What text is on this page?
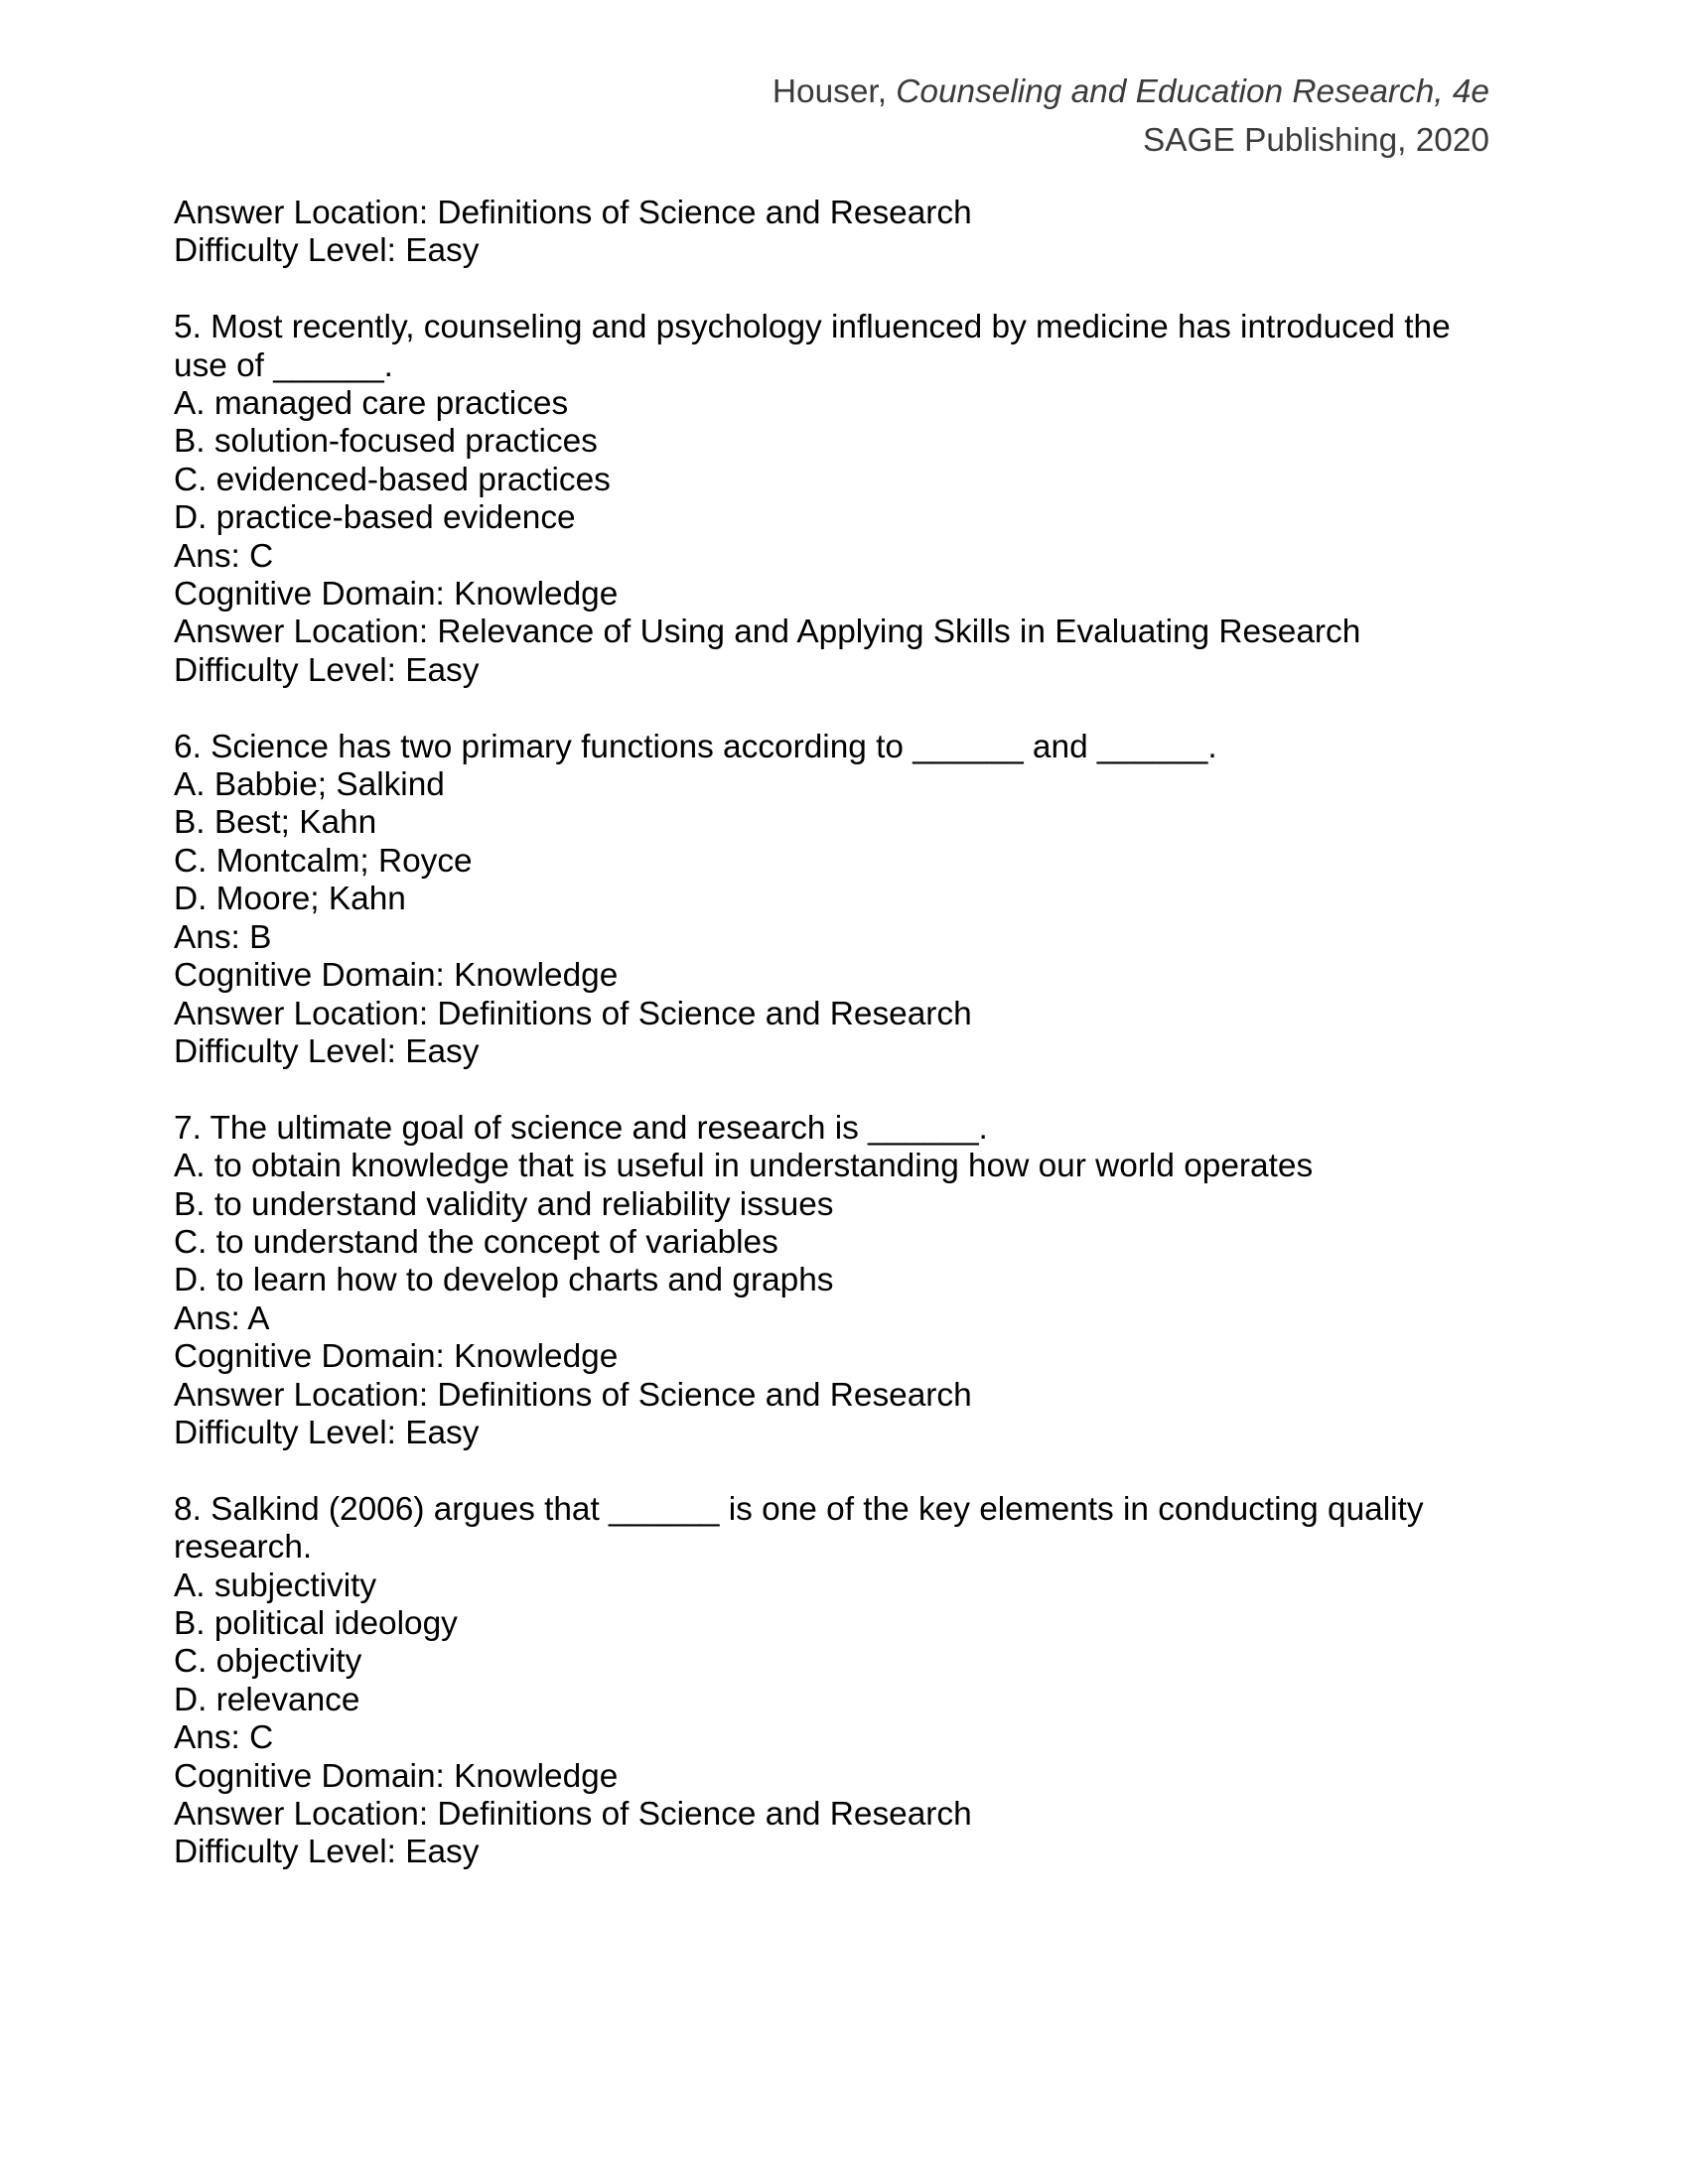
Houser, Counseling and Education Research, 4e
SAGE Publishing, 2020
Answer Location: Definitions of Science and Research
Difficulty Level: Easy
5. Most recently, counseling and psychology influenced by medicine has introduced the
use of ______.
A. managed care practices
B. solution-focused practices
C. evidenced-based practices
D. practice-based evidence
Ans: C
Cognitive Domain: Knowledge
Answer Location: Relevance of Using and Applying Skills in Evaluating Research
Difficulty Level: Easy
6. Science has two primary functions according to ______ and ______.
A. Babbie; Salkind
B. Best; Kahn
C. Montcalm; Royce
D. Moore; Kahn
Ans: B
Cognitive Domain: Knowledge
Answer Location: Definitions of Science and Research
Difficulty Level: Easy
7. The ultimate goal of science and research is ______.
A. to obtain knowledge that is useful in understanding how our world operates
B. to understand validity and reliability issues
C. to understand the concept of variables
D. to learn how to develop charts and graphs
Ans: A
Cognitive Domain: Knowledge
Answer Location: Definitions of Science and Research
Difficulty Level: Easy
8. Salkind (2006) argues that ______ is one of the key elements in conducting quality
research.
A. subjectivity
B. political ideology
C. objectivity
D. relevance
Ans: C
Cognitive Domain: Knowledge
Answer Location: Definitions of Science and Research
Difficulty Level: Easy
